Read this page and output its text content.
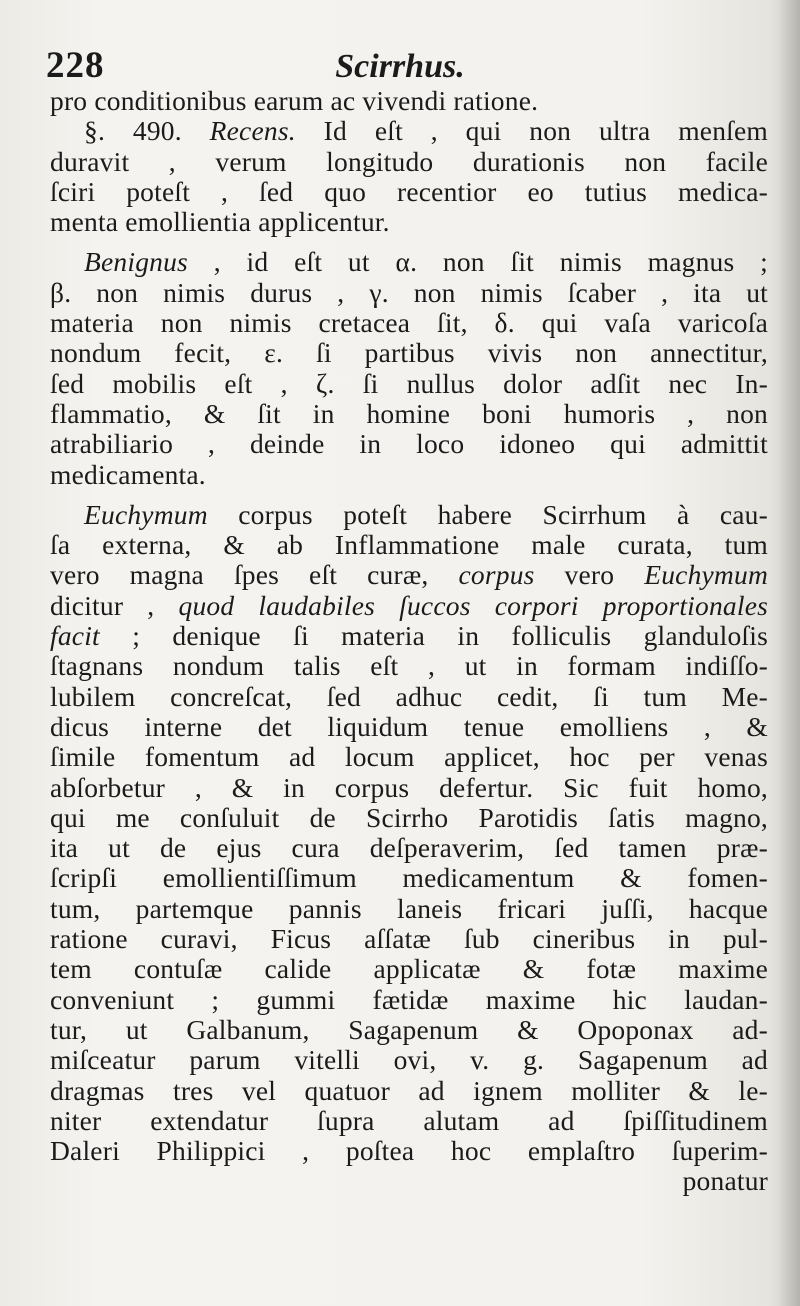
228	Scirrhus.
pro conditionibus earum ac vivendi ratione.
§. 490. Recens. Id eſt , qui non ultra menſem
duravit , verum longitudo durationis non facile
ſciri poteſt , ſed quo recentior eo tutius medica-
menta emollientia applicentur.
Benignus , id eſt ut α. non ſit nimis magnus ;
β. non nimis durus , γ. non nimis ſcaber , ita ut
materia non nimis cretacea ſit, δ. qui vaſa varicoſa
nondum fecit, ε. ſi partibus vivis non annectitur,
ſed mobilis eſt , ζ. ſi nullus dolor adſit nec In-
flammatio, & ſit in homine boni humoris , non
atrabiliario , deinde in loco idoneo qui admittit
medicamenta.
Euchymum corpus poteſt habere Scirrhum à cau-
ſa externa, & ab Inflammatione male curata, tum
vero magna ſpes eſt curæ, corpus vero Euchymum
dicitur , quod laudabiles ſuccos corpori proportionales
facit ; denique ſi materia in folliculis glanduloſis
ſtagnans nondum talis eſt , ut in formam indiſſo-
lubilem concreſcat, ſed adhuc cedit, ſi tum Me-
dicus interne det liquidum tenue emolliens , &
ſimile fomentum ad locum applicet, hoc per venas
abſorbetur , & in corpus defertur. Sic fuit homo,
qui me conſuluit de Scirrho Parotidis ſatis magno,
ita ut de ejus cura deſperaverim, ſed tamen præ-
ſcripſi emollientiſſimum medicamentum & fomen-
tum, partemque pannis laneis fricari juſſi, hacque
ratione curavi, Ficus aſſatæ ſub cineribus in pul-
tem contuſæ calide applicatæ & fotæ maxime
conveniunt ; gummi fætidæ maxime hic laudan-
tur, ut Galbanum, Sagapenum & Opoponax ad-
miſceatur parum vitelli ovi, v. g. Sagapenum ad
dragmas tres vel quatuor ad ignem molliter & le-
niter extendatur ſupra alutam ad ſpiſſitudinem
Daleri Philippici , poſtea hoc emplaſtro ſuperim-
ponatur
